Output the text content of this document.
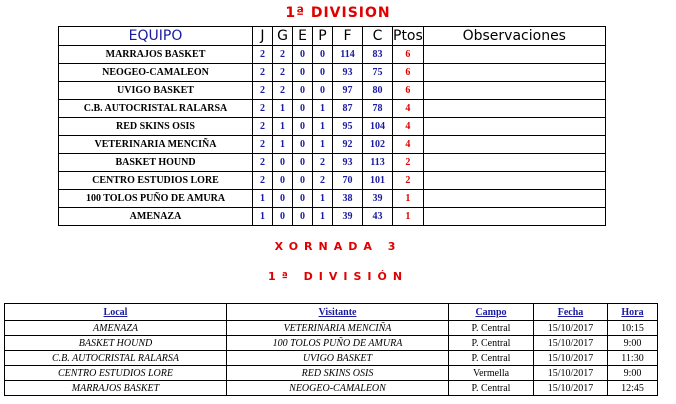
1ª DIVISION
EQUIPO	J	G	E	P	F	C	Ptos	Observaciones
MARRAJOS BASKET	2	2	0	0	114	83	6	
NEOGEO-CAMALEON	2	2	0	0	93	75	6	
UVIGO BASKET	2	2	0	0	97	80	6	
C.B. AUTOCRISTAL RALARSA	2	1	0	1	87	78	4	
RED SKINS OSIS	2	1	0	1	95	104	4	
VETERINARIA MENCIÑA	2	1	0	1	92	102	4	
BASKET HOUND	2	0	0	2	93	113	2	
CENTRO ESTUDIOS LORE	2	0	0	2	70	101	2	
100 TOLOS PUÑO DE AMURA	1	0	0	1	38	39	1	
AMENAZA	1	0	0	1	39	43	1	
XORNADA 3
1ª DIVISIÓN
Local	Visitante	Campo	Fecha	Hora
AMENAZA	VETERINARIA MENCIÑA	P. Central	15/10/2017	10:15
BASKET HOUND	100 TOLOS PUÑO DE AMURA	P. Central	15/10/2017	9:00
C.B. AUTOCRISTAL RALARSA	UVIGO BASKET	P. Central	15/10/2017	11:30
CENTRO ESTUDIOS LORE	RED SKINS OSIS	Vermella	15/10/2017	9:00
MARRAJOS BASKET	NEOGEO-CAMALEON	P. Central	15/10/2017	12:45
